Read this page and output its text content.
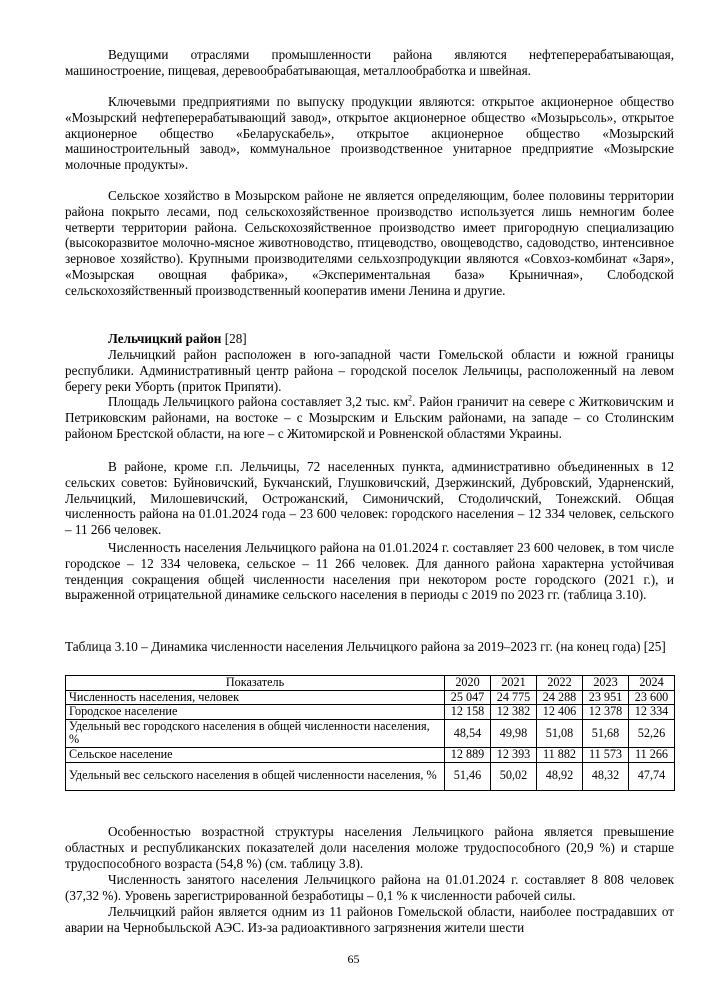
Ведущими отраслями промышленности района являются нефтеперерабатывающая, машиностроение, пищевая, деревообрабатывающая, металлообработка и швейная.

Ключевыми предприятиями по выпуску продукции являются: открытое акционерное общество «Мозырский нефтеперерабатывающий завод», открытое акционерное общество «Мозырьсоль», открытое акционерное общество «Беларускабель», открытое акционерное общество «Мозырский машиностроительный завод», коммунальное производственное унитарное предприятие «Мозырские молочные продукты».

Сельское хозяйство в Мозырском районе не является определяющим, более половины территории района покрыто лесами, под сельскохозяйственное производство используется лишь немногим более четверти территории района. Сельскохозяйственное производство имеет пригородную специализацию (высокоразвитое молочно-мясное животноводство, птицеводство, овощеводство, садоводство, интенсивное зерновое хозяйство). Крупными производителями сельхозпродукции являются «Совхоз-комбинат «Заря», «Мозырская овощная фабрика», «Экспериментальная база» Крыничная», Слободской сельскохозяйственный производственный кооператив имени Ленина и другие.

Лельчицкий район [28]

Лельчицкий район расположен в юго-западной части Гомельской области и южной границы республики. Административный центр района – городской поселок Лельчицы, расположенный на левом берегу реки Уборть (приток Припяти).

Площадь Лельчицкого района составляет 3,2 тыс. $км^2$. Район граничит на севере с Житковичским и Петриковским районами, на востоке – с Мозырским и Ельским районами, на западе – со Столинским районом Брестской области, на юге – с Житомирской и Ровненской областями Украины.

В районе, кроме г.п. Лельчицы, 72 населенных пункта, административно объединенных в 12 сельских советов: Буйновичский, Букчанский, Глушковичский, Дзержинский, Дубровский, Ударненский, Лельчицкий, Милошевичский, Острожанский, Симоничский, Стодоличский, Тонежский. Общая численность района на 01.01.2024 года – 23 600 человек: городского населения – 12 334 человек, сельского – 11 266 человек.

Численность населения Лельчицкого района на 01.01.2024 г. составляет 23 600 человек, в том числе городское – 12 334 человека, сельское – 11 266 человек. Для данного района характерна устойчивая тенденция сокращения общей численности населения при некотором росте городского (2021 г.), и выраженной отрицательной динамике сельского населения в периоды с 2019 по 2023 гг. (таблица 3.10).

Таблица 3.10 – Динамика численности населения Лельчицкого района за 2019–2023 гг. (на конец года) [25]

Показатель	2020	2021	2022	2023	2024
Численность населения, человек	25 047	24 775	24 288	23 951	23 600
Городское население	12 158	12 382	12 406	12 378	12 334
Удельный вес городского населения в общей численности населения, %	48,54	49,98	51,08	51,68	52,26
Сельское население	12 889	12 393	11 882	11 573	11 266
Удельный вес сельского населения в общей численности населения, %	51,46	50,02	48,92	48,32	47,74

Особенностью возрастной структуры населения Лельчицкого района является превышение областных и республиканских показателей доли населения моложе трудоспособного (20,9 %) и старше трудоспособного возраста (54,8 %) (см. таблицу 3.8).

Численность занятого населения Лельчицкого района на 01.01.2024 г. составляет 8 808 человек (37,32 %). Уровень зарегистрированной безработицы – 0,1 % к численности рабочей силы.

Лельчицкий район является одним из 11 районов Гомельской области, наиболее пострадавших от аварии на Чернобыльской АЭС. Из-за радиоактивного загрязнения жители шести

65
